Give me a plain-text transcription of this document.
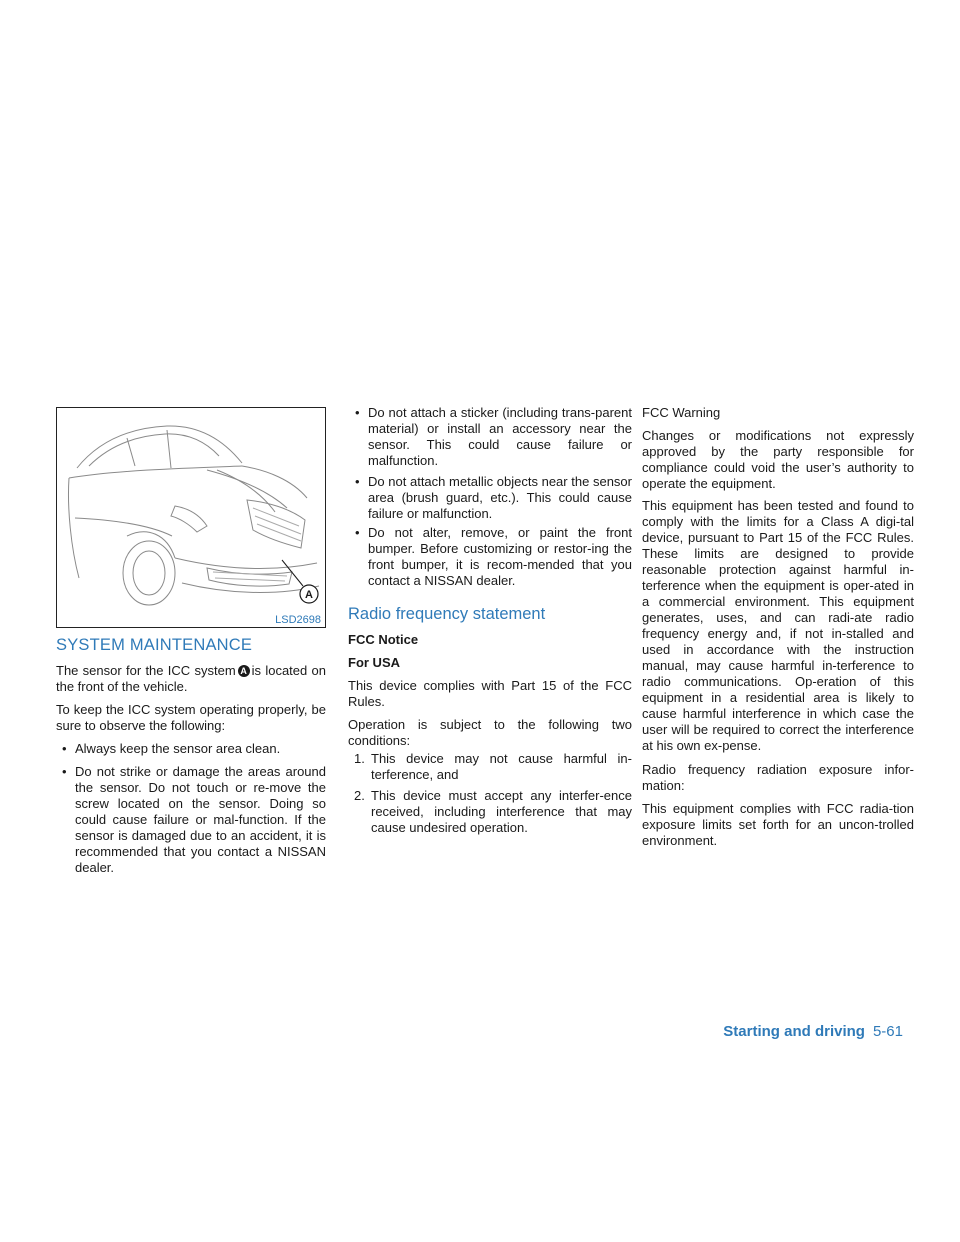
A
LSD2698
SYSTEM MAINTENANCE

The sensor for the ICC system A is located on the front of the vehicle.

To keep the ICC system operating properly, be sure to observe the following:

• Always keep the sensor area clean.

• Do not strike or damage the areas around the sensor. Do not touch or re-move the screw located on the sensor. Doing so could cause failure or mal-function. If the sensor is damaged due to an accident, it is recommended that you contact a NISSAN dealer.

• Do not attach a sticker (including trans-parent material) or install an accessory near the sensor. This could cause failure or malfunction.

• Do not attach metallic objects near the sensor area (brush guard, etc.). This could cause failure or malfunction.

• Do not alter, remove, or paint the front bumper. Before customizing or restor-ing the front bumper, it is recom-mended that you contact a NISSAN dealer.

Radio frequency statement

FCC Notice

For USA

This device complies with Part 15 of the FCC Rules.

Operation is subject to the following two conditions:

1. This device may not cause harmful in-terference, and

2. This device must accept any interfer-ence received, including interference that may cause undesired operation.

FCC Warning

Changes or modifications not expressly approved by the party responsible for compliance could void the user’s authority to operate the equipment.

This equipment has been tested and found to comply with the limits for a Class A digi-tal device, pursuant to Part 15 of the FCC Rules. These limits are designed to provide reasonable protection against harmful in-terference when the equipment is oper-ated in a commercial environment. This equipment generates, uses, and can radi-ate radio frequency energy and, if not in-stalled and used in accordance with the instruction manual, may cause harmful in-terference to radio communications. Op-eration of this equipment in a residential area is likely to cause harmful interference in which case the user will be required to correct the interference at his own ex-pense.

Radio frequency radiation exposure infor-mation:

This equipment complies with FCC radia-tion exposure limits set forth for an uncon-trolled environment.

Starting and driving 5-61
